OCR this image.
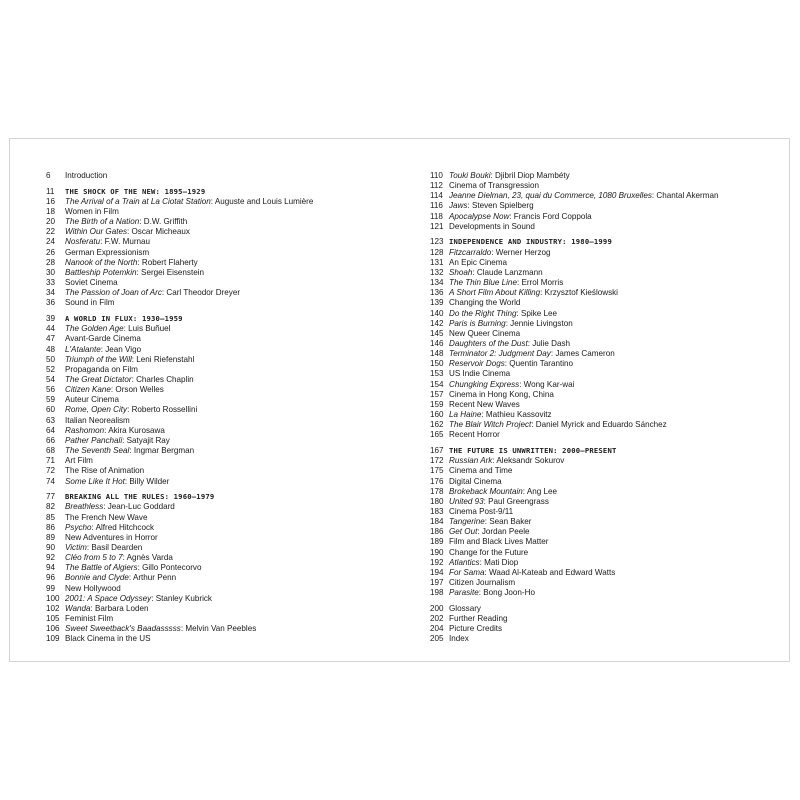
6	Introduction
11	THE SHOCK OF THE NEW: 1895–1929
16	The Arrival of a Train at La Ciotat Station: Auguste and Louis Lumière
18	Women in Film
20	The Birth of a Nation: D.W. Griffith
22	Within Our Gates: Oscar Micheaux
24	Nosferatu: F.W. Murnau
26	German Expressionism
28	Nanook of the North: Robert Flaherty
30	Battleship Potemkin: Sergei Eisenstein
33	Soviet Cinema
34	The Passion of Joan of Arc: Carl Theodor Dreyer
36	Sound in Film
39	A WORLD IN FLUX: 1930–1959
44	The Golden Age: Luis Buñuel
47	Avant-Garde Cinema
48	L'Atalante: Jean Vigo
50	Triumph of the Will: Leni Riefenstahl
52	Propaganda on Film
54	The Great Dictator: Charles Chaplin
56	Citizen Kane: Orson Welles
59	Auteur Cinema
60	Rome, Open City: Roberto Rossellini
63	Italian Neorealism
64	Rashomon: Akira Kurosawa
66	Pather Panchali: Satyajit Ray
68	The Seventh Seal: Ingmar Bergman
71	Art Film
72	The Rise of Animation
74	Some Like It Hot: Billy Wilder
77	BREAKING ALL THE RULES: 1960–1979
82	Breathless: Jean-Luc Goddard
85	The French New Wave
86	Psycho: Alfred Hitchcock
89	New Adventures in Horror
90	Victim: Basil Dearden
92	Cléo from 5 to 7: Agnès Varda
94	The Battle of Algiers: Gillo Pontecorvo
96	Bonnie and Clyde: Arthur Penn
99	New Hollywood
100 2001: A Space Odyssey: Stanley Kubrick
102 Wanda: Barbara Loden
105 Feminist Film
106 Sweet Sweetback's Baadasssss: Melvin Van Peebles
109 Black Cinema in the US
110 Touki Bouki: Djibril Diop Mambéty
112 Cinema of Transgression
114 Jeanne Dielman, 23, quai du Commerce, 1080 Bruxelles: Chantal Akerman
116 Jaws: Steven Spielberg
118 Apocalypse Now: Francis Ford Coppola
121 Developments in Sound
123 INDEPENDENCE AND INDUSTRY: 1980–1999
128 Fitzcarraldo: Werner Herzog
131 An Epic Cinema
132 Shoah: Claude Lanzmann
134 The Thin Blue Line: Errol Morris
136 A Short Film About Killing: Krzysztof Kieślowski
139 Changing the World
140 Do the Right Thing: Spike Lee
142 Paris is Burning: Jennie Livingston
145 New Queer Cinema
146 Daughters of the Dust: Julie Dash
148 Terminator 2: Judgment Day: James Cameron
150 Reservoir Dogs: Quentin Tarantino
153 US Indie Cinema
154 Chungking Express: Wong Kar-wai
157 Cinema in Hong Kong, China
159 Recent New Waves
160 La Haine: Mathieu Kassovitz
162 The Blair Witch Project: Daniel Myrick and Eduardo Sánchez
165 Recent Horror
167 THE FUTURE IS UNWRITTEN: 2000–PRESENT
172 Russian Ark: Aleksandr Sokurov
175 Cinema and Time
176 Digital Cinema
178 Brokeback Mountain: Ang Lee
180 United 93: Paul Greengrass
183 Cinema Post-9/11
184 Tangerine: Sean Baker
186 Get Out: Jordan Peele
189 Film and Black Lives Matter
190 Change for the Future
192 Atlantics: Mati Diop
194 For Sama: Waad Al-Kateab and Edward Watts
197 Citizen Journalism
198 Parasite: Bong Joon-Ho
200 Glossary
202 Further Reading
204 Picture Credits
205 Index
